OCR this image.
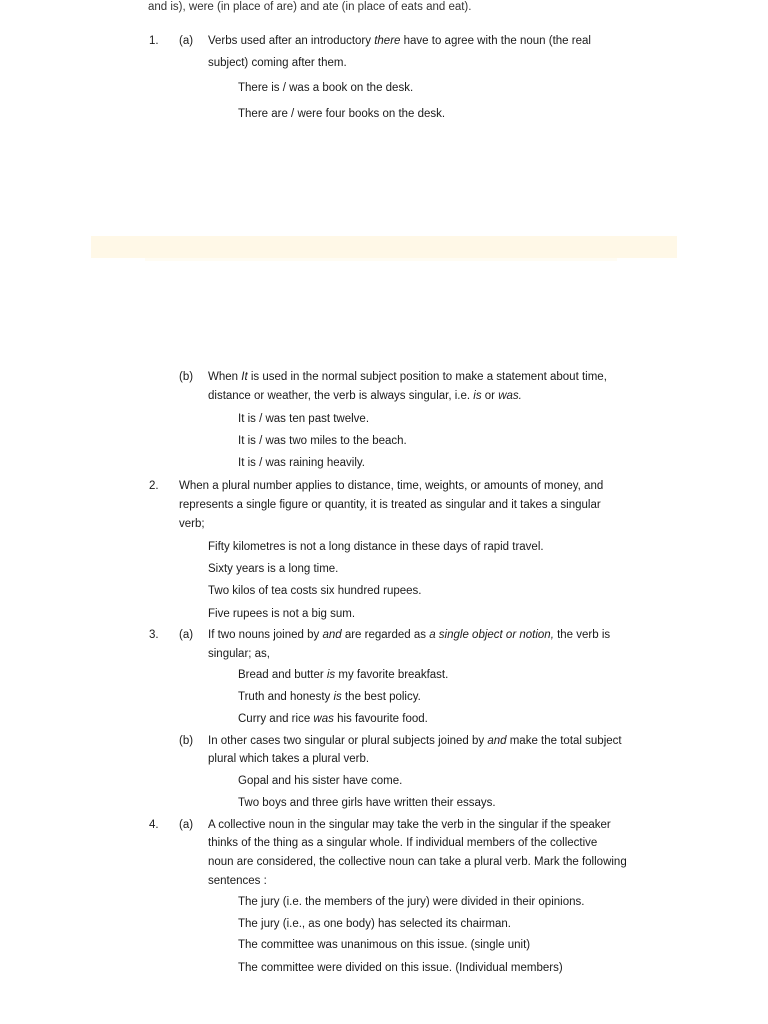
and is), were (in place of are) and ate (in place of eats and eat).
1. (a) Verbs used after an introductory there have to agree with the noun (the real
subject) coming after them.
There is / was a book on the desk.
There are / were four books on the desk.
(b) When It is used in the normal subject position to make a statement about time,
distance or weather, the verb is always singular, i.e. is or was.
It is / was ten past twelve.
It is / was two miles to the beach.
It is / was raining heavily.
2. When a plural number applies to distance, time, weights, or amounts of money, and
represents a single figure or quantity, it is treated as singular and it takes a singular
verb;
Fifty kilometres is not a long distance in these days of rapid travel.
Sixty years is a long time.
Two kilos of tea costs six hundred rupees.
Five rupees is not a big sum.
3. (a) If two nouns joined by and are regarded as a single object or notion, the verb is
singular; as,
Bread and butter is my favorite breakfast.
Truth and honesty is the best policy.
Curry and rice was his favourite food.
(b) In other cases two singular or plural subjects joined by and make the total subject
plural which takes a plural verb.
Gopal and his sister have come.
Two boys and three girls have written their essays.
4. (a) A collective noun in the singular may take the verb in the singular if the speaker
thinks of the thing as a singular whole. If individual members of the collective
noun are considered, the collective noun can take a plural verb. Mark the following
sentences :
The jury (i.e. the members of the jury) were divided in their opinions.
The jury (i.e., as one body) has selected its chairman.
The committee was unanimous on this issue. (single unit)
The committee were divided on this issue. (Individual members)
